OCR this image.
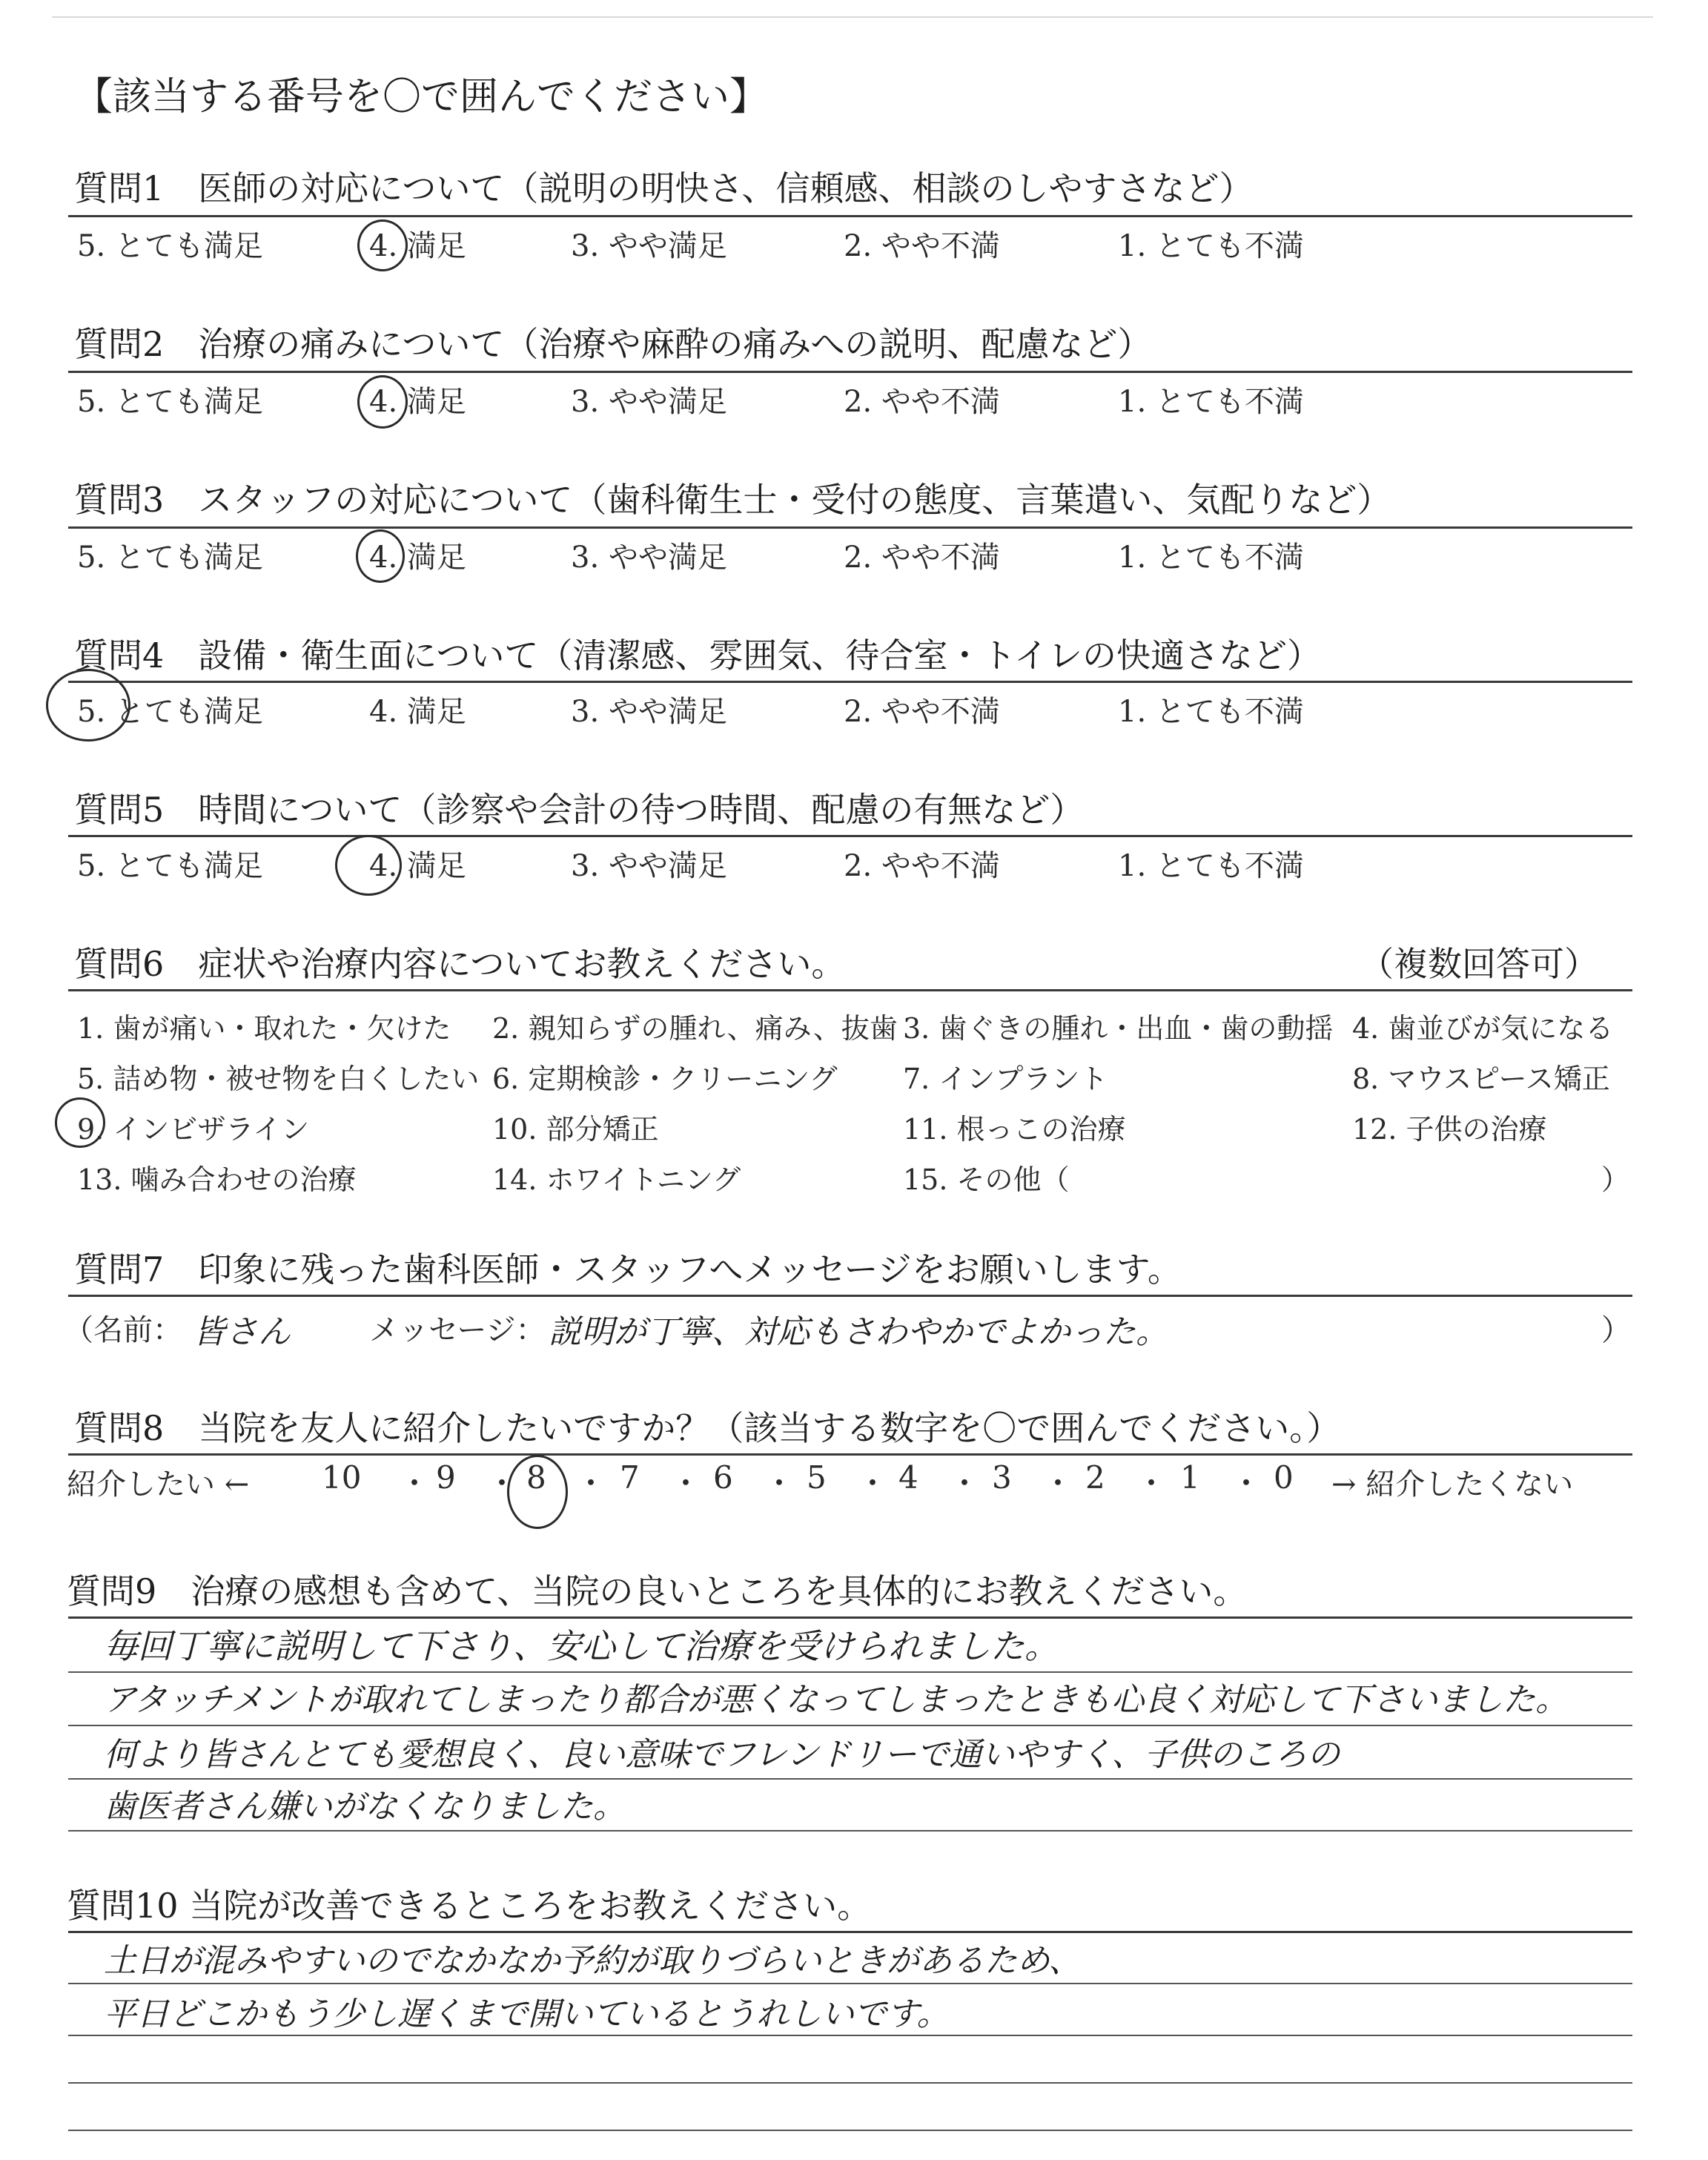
【該当する番号を〇で囲んでください】
質問1　医師の対応について（説明の明快さ、信頼感、相談のしやすさなど）
5. とても満足	4. 満足	3. やや満足	2. やや不満	1. とても不満
質問2　治療の痛みについて（治療や麻酔の痛みへの説明、配慮など）
5. とても満足	4. 満足	3. やや満足	2. やや不満	1. とても不満
質問3　スタッフの対応について（歯科衛生士・受付の態度、言葉遣い、気配りなど）
5. とても満足	4. 満足	3. やや満足	2. やや不満	1. とても不満
質問4　設備・衛生面について（清潔感、雰囲気、待合室・トイレの快適さなど）
5. とても満足	4. 満足	3. やや満足	2. やや不満	1. とても不満
質問5　時間について（診察や会計の待つ時間、配慮の有無など）
5. とても満足	4. 満足	3. やや満足	2. やや不満	1. とても不満
質問6　症状や治療内容についてお教えください。	（複数回答可）
1. 歯が痛い・取れた・欠けた 2. 親知らずの腫れ、痛み、抜歯 3. 歯ぐきの腫れ・出血・歯の動揺 4. 歯並びが気になる
5. 詰め物・被せ物を白くしたい 6. 定期検診・クリーニング 7. インプラント	8. マウスピース矯正
9. インビザライン	10. 部分矯正	11. 根っこの治療	12. 子供の治療
13. 噛み合わせの治療	14. ホワイトニング	15. その他（	）
質問7　印象に残った歯科医師・スタッフへメッセージをお願いします。
（名前： 皆さん	メッセージ： 説明が丁寧、対応もさわやかでよかった。	）
質問8　当院を友人に紹介したいですか？（該当する数字を〇で囲んでください。）
紹介したい ←	→ 紹介したくない
10 ・ 9 ・ 8 ・ 7 ・ 6 ・ 5 ・ 4 ・ 3 ・ 2 ・ 1 ・ 0
質問9　治療の感想も含めて、当院の良いところを具体的にお教えください。
毎回丁寧に説明して下さり、安心して治療を受けられました。
アタッチメントが取れてしまったり都合が悪くなってしまったときも心良く対応して下さいました。
何より皆さんとても愛想良く、良い意味でフレンドリーで通いやすく、子供のころの
歯医者さん嫌いがなくなりました。
質問10 当院が改善できるところをお教えください。
土日が混みやすいのでなかなか予約が取りづらいときがあるため、
平日どこかもう少し遅くまで開いているとうれしいです。
